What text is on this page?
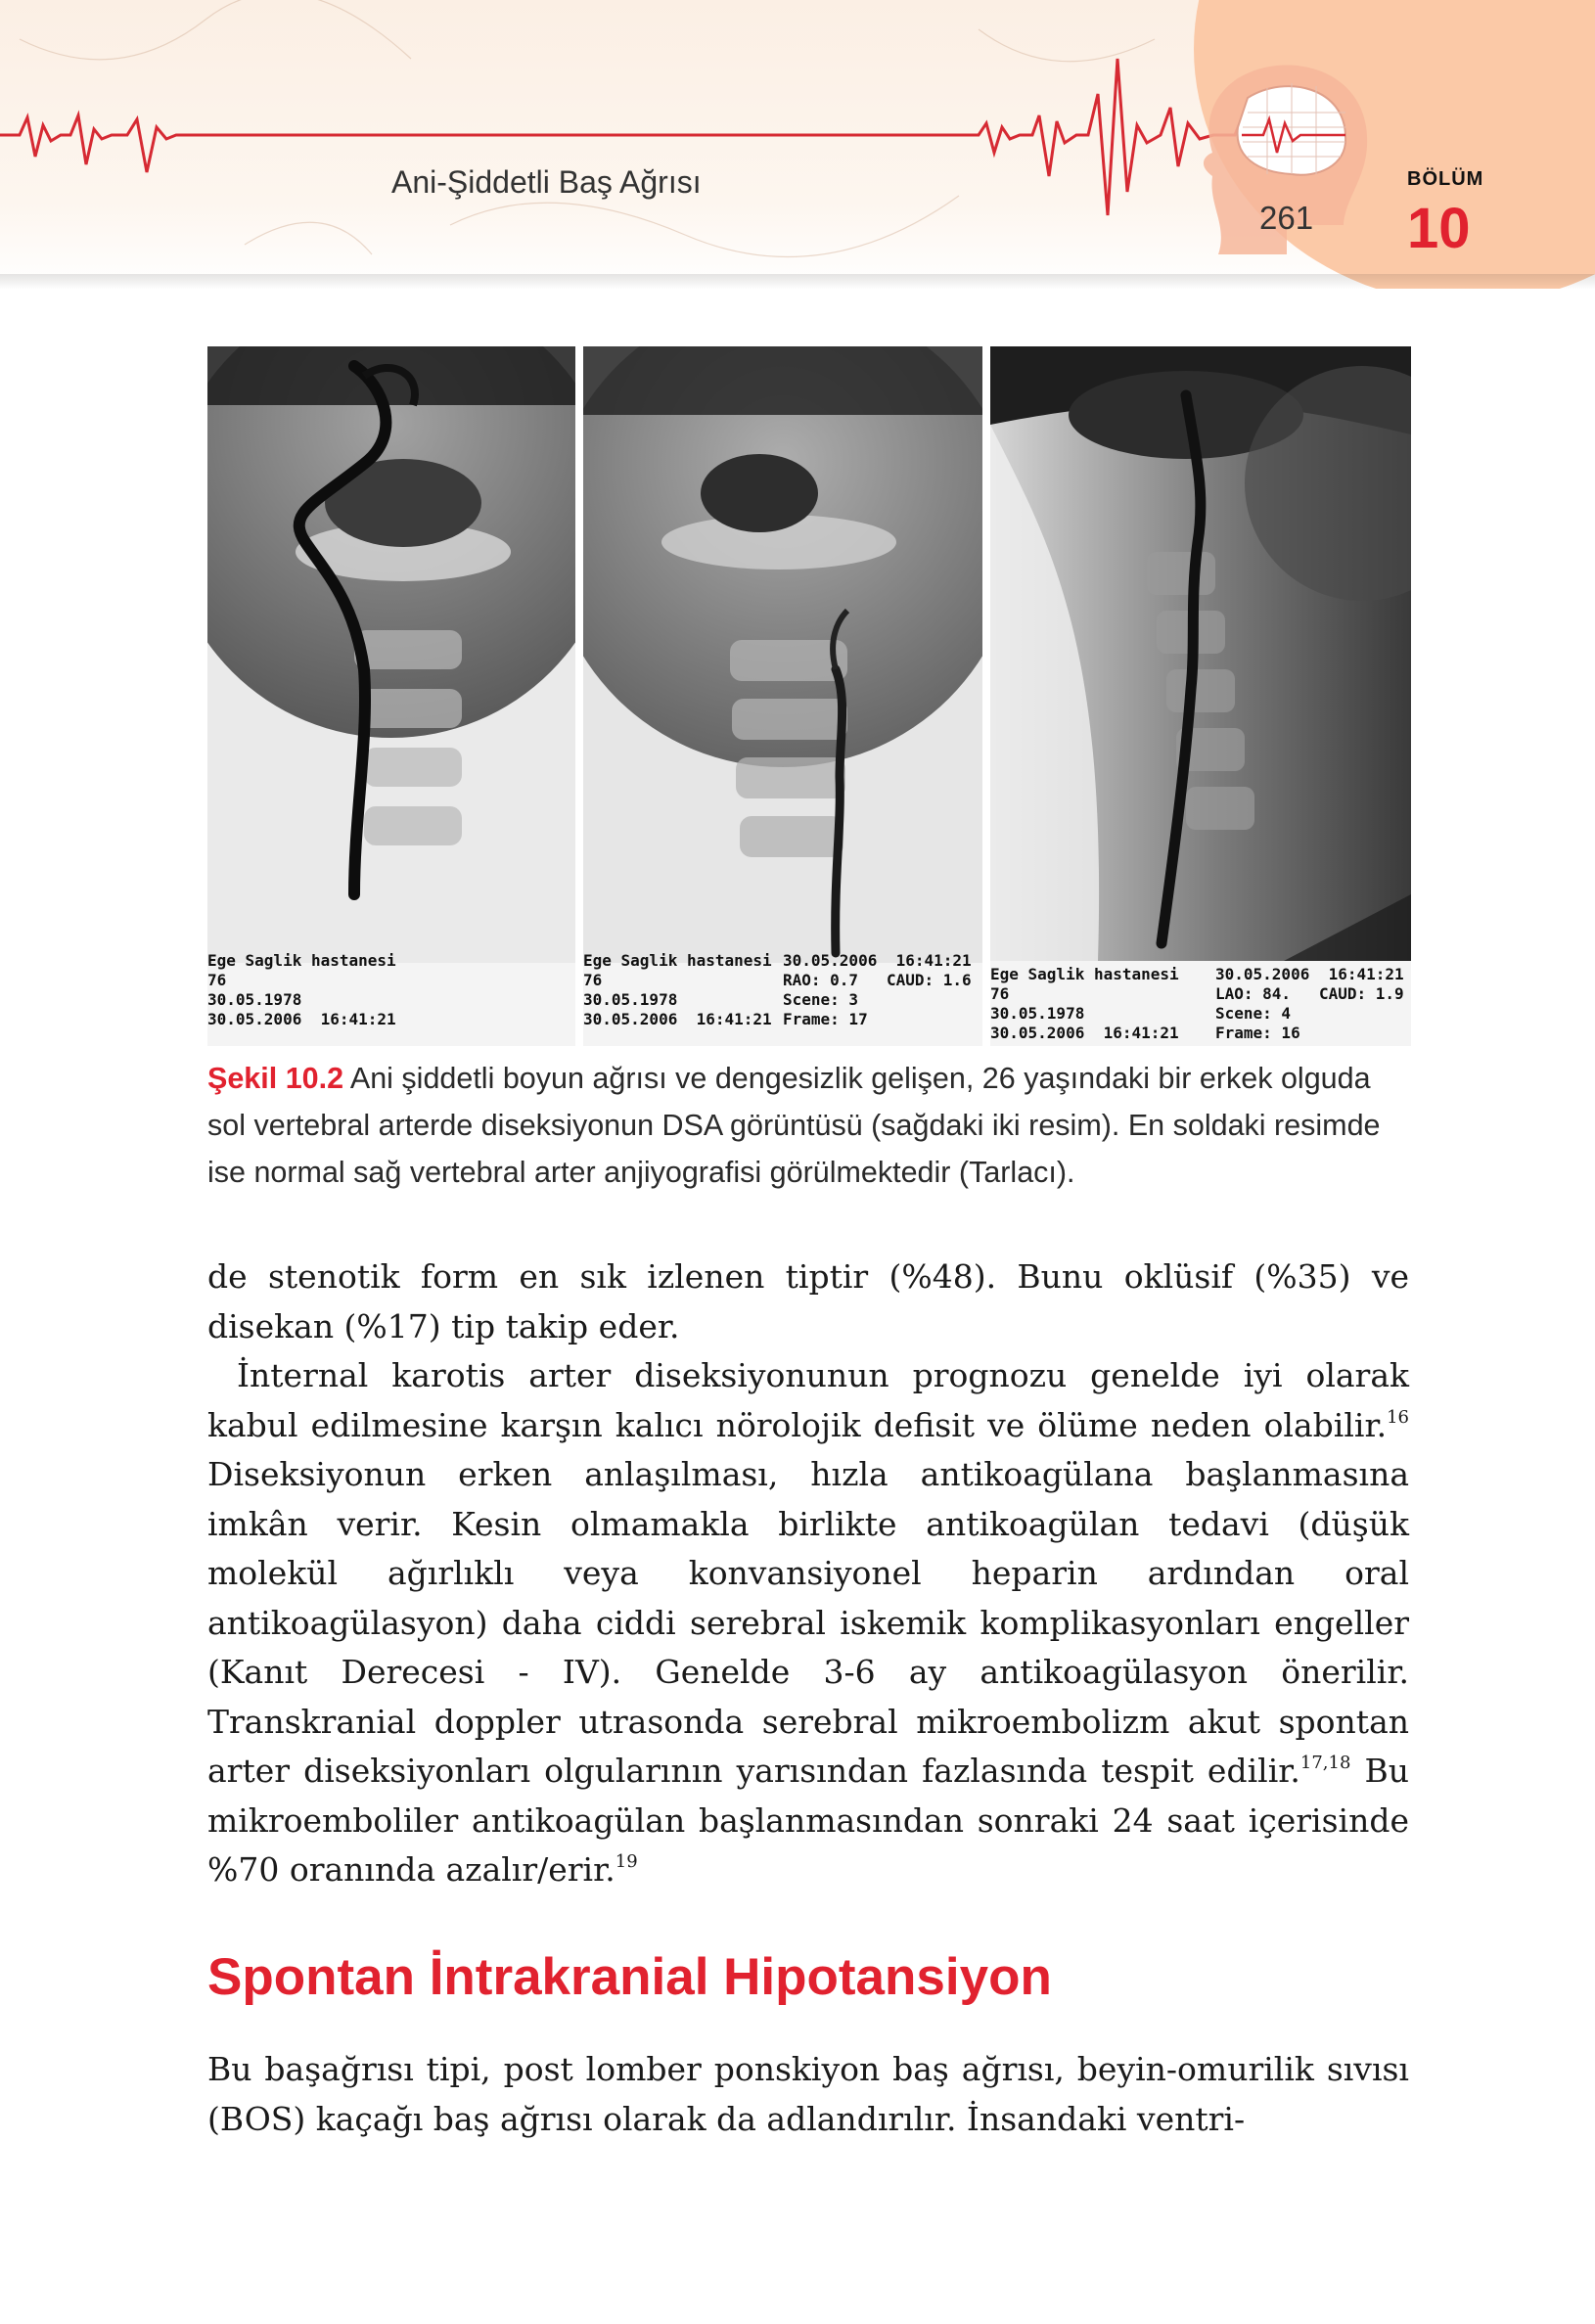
Ani-Şiddetli Baş Ağrısı
261
BÖLÜM
10
Ege Saglik hastanesi
76
30.05.1978
30.05.2006  16:41:21
Ege Saglik hastanesi
76
30.05.1978
30.05.2006  16:41:21
30.05.2006  16:41:21
RAO: 0.7   CAUD: 1.6
Scene: 3
Frame: 17
Ege Saglik hastanesi
76
30.05.1978
30.05.2006  16:41:21
30.05.2006  16:41:21
LAO: 84.   CAUD: 1.9
Scene: 4
Frame: 16
Şekil 10.2 Ani şiddetli boyun ağrısı ve dengesizlik gelişen, 26 yaşındaki bir erkek olguda sol vertebral arterde diseksiyonun DSA görüntüsü (sağdaki iki resim). En soldaki resimde ise normal sağ vertebral arter anjiyografisi görülmektedir (Tarlacı).

de stenotik form en sık izlenen tiptir (%48). Bunu oklüsif (%35) ve disekan (%17) tip takip eder.

İnternal karotis arter diseksiyonunun prognozu genelde iyi olarak kabul edilmesine karşın kalıcı nörolojik defisit ve ölüme neden olabilir.$^{16}$ Diseksiyonun erken anlaşılması, hızla antikoagülana başlanmasına imkân verir. Kesin olmamakla birlikte antikoagülan tedavi (düşük molekül ağırlıklı veya konvansiyonel heparin ardından oral antikoagülasyon) daha ciddi serebral iskemik komplikasyonları engeller (Kanıt Derecesi - IV). Genelde 3-6 ay antikoagülasyon önerilir. Transkranial doppler utrasonda serebral mikroembolizm akut spontan arter diseksiyonları olgularının yarısından fazlasında tespit edilir.$^{17,18}$ Bu mikroemboliler antikoagülan başlanmasından sonraki 24 saat içerisinde %70 oranında azalır/erir.$^{19}$

Spontan İntrakranial Hipotansiyon

Bu başağrısı tipi, post lomber ponskiyon baş ağrısı, beyin-omurilik sıvısı (BOS) kaçağı baş ağrısı olarak da adlandırılır. İnsandaki ventri-
